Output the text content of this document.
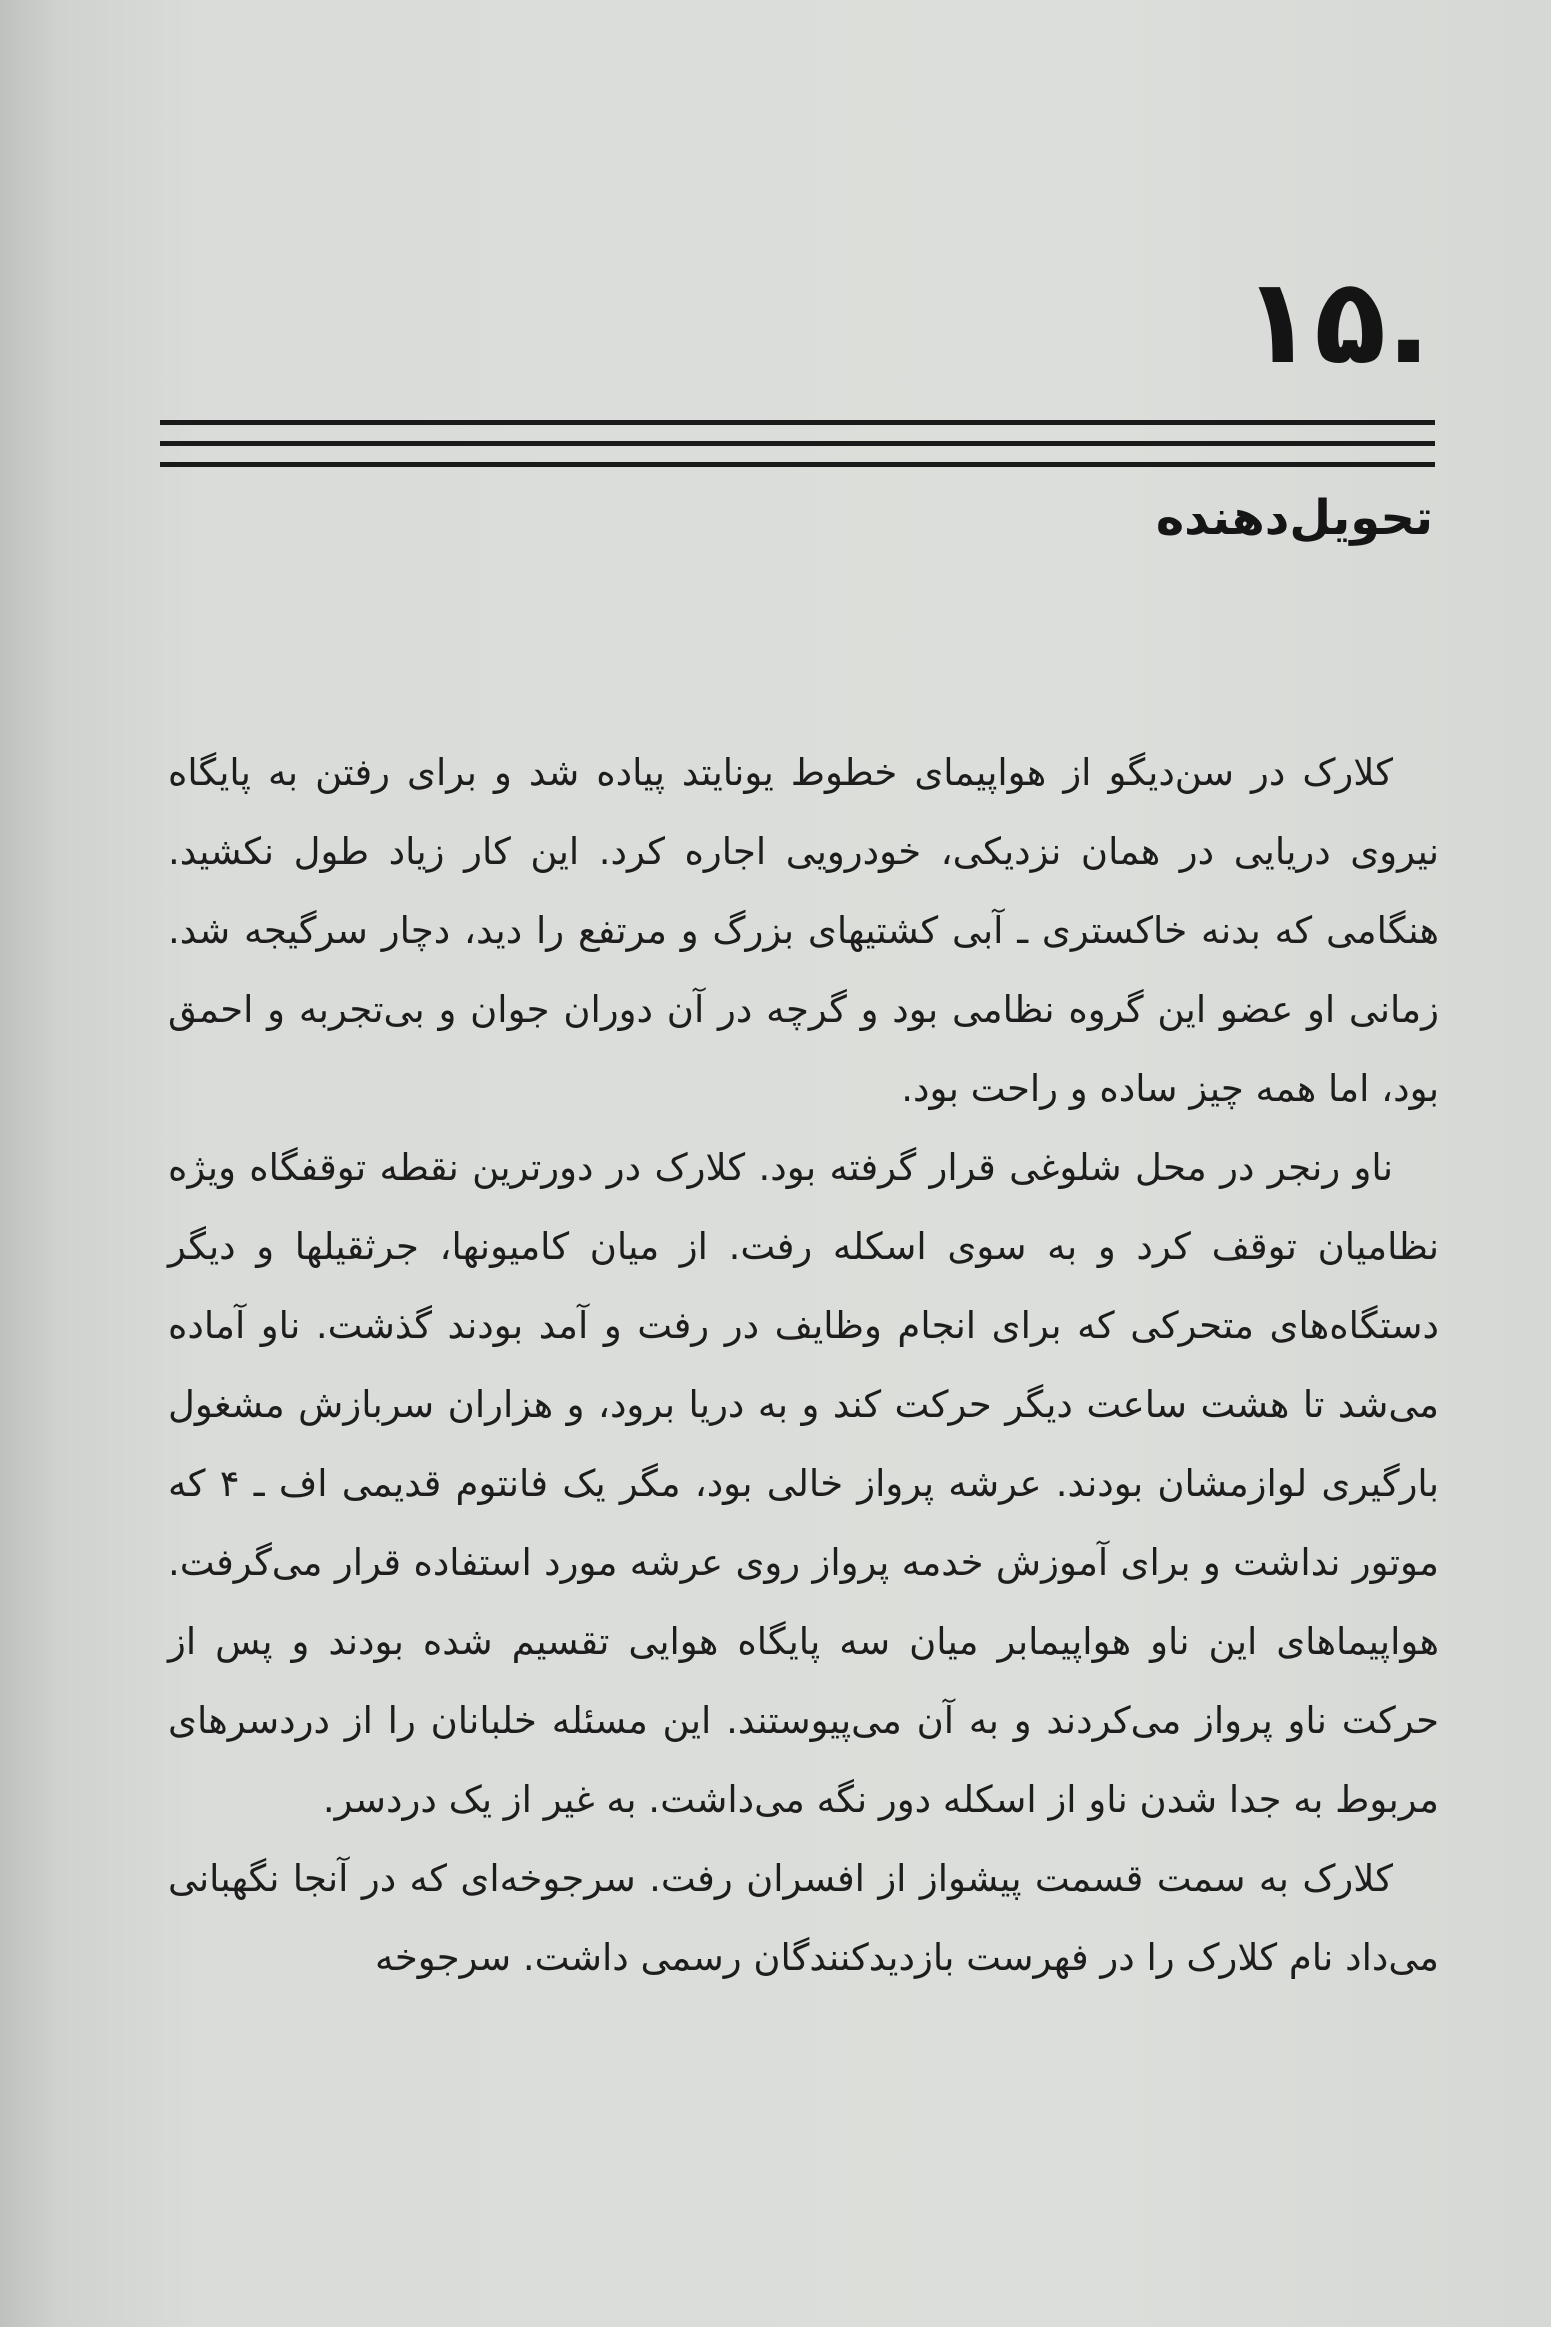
۱۵.
تحویل‌دهنده

کلارک در سن‌دیگو از هواپیمای خطوط یونایتد پیاده شد و برای رفتن به پایگاه نیروی دریایی در همان نزدیکی، خودرویی اجاره کرد. این کار زیاد طول نکشید. هنگامی که بدنه خاکستری ـ آبی کشتیهای بزرگ و مرتفع را دید، دچار سرگیجه شد. زمانی او عضو این گروه نظامی بود و گرچه در آن دوران جوان و بی‌تجربه و احمق بود، اما همه چیز ساده و راحت بود.

ناو رنجر در محل شلوغی قرار گرفته بود. کلارک در دورترین نقطه توقفگاه ویژه نظامیان توقف کرد و به سوی اسکله رفت. از میان کامیونها، جرثقیلها و دیگر دستگاه‌های متحرکی که برای انجام وظایف در رفت و آمد بودند گذشت. ناو آماده می‌شد تا هشت ساعت دیگر حرکت کند و به دریا برود، و هزاران سربازش مشغول بارگیری لوازمشان بودند. عرشه پرواز خالی بود، مگر یک فانتوم قدیمی اف ـ ۴ که موتور نداشت و برای آموزش خدمه پرواز روی عرشه مورد استفاده قرار می‌گرفت. هواپیماهای این ناو هواپیمابر میان سه پایگاه هوایی تقسیم شده بودند و پس از حرکت ناو پرواز می‌کردند و به آن می‌پیوستند. این مسئله خلبانان را از دردسرهای مربوط به جدا شدن ناو از اسکله دور نگه می‌داشت. به غیر از یک دردسر.

کلارک به سمت قسمت پیشواز از افسران رفت. سرجوخه‌ای که در آنجا نگهبانی می‌داد نام کلارک را در فهرست بازدیدکنندگان رسمی داشت. سرجوخه
